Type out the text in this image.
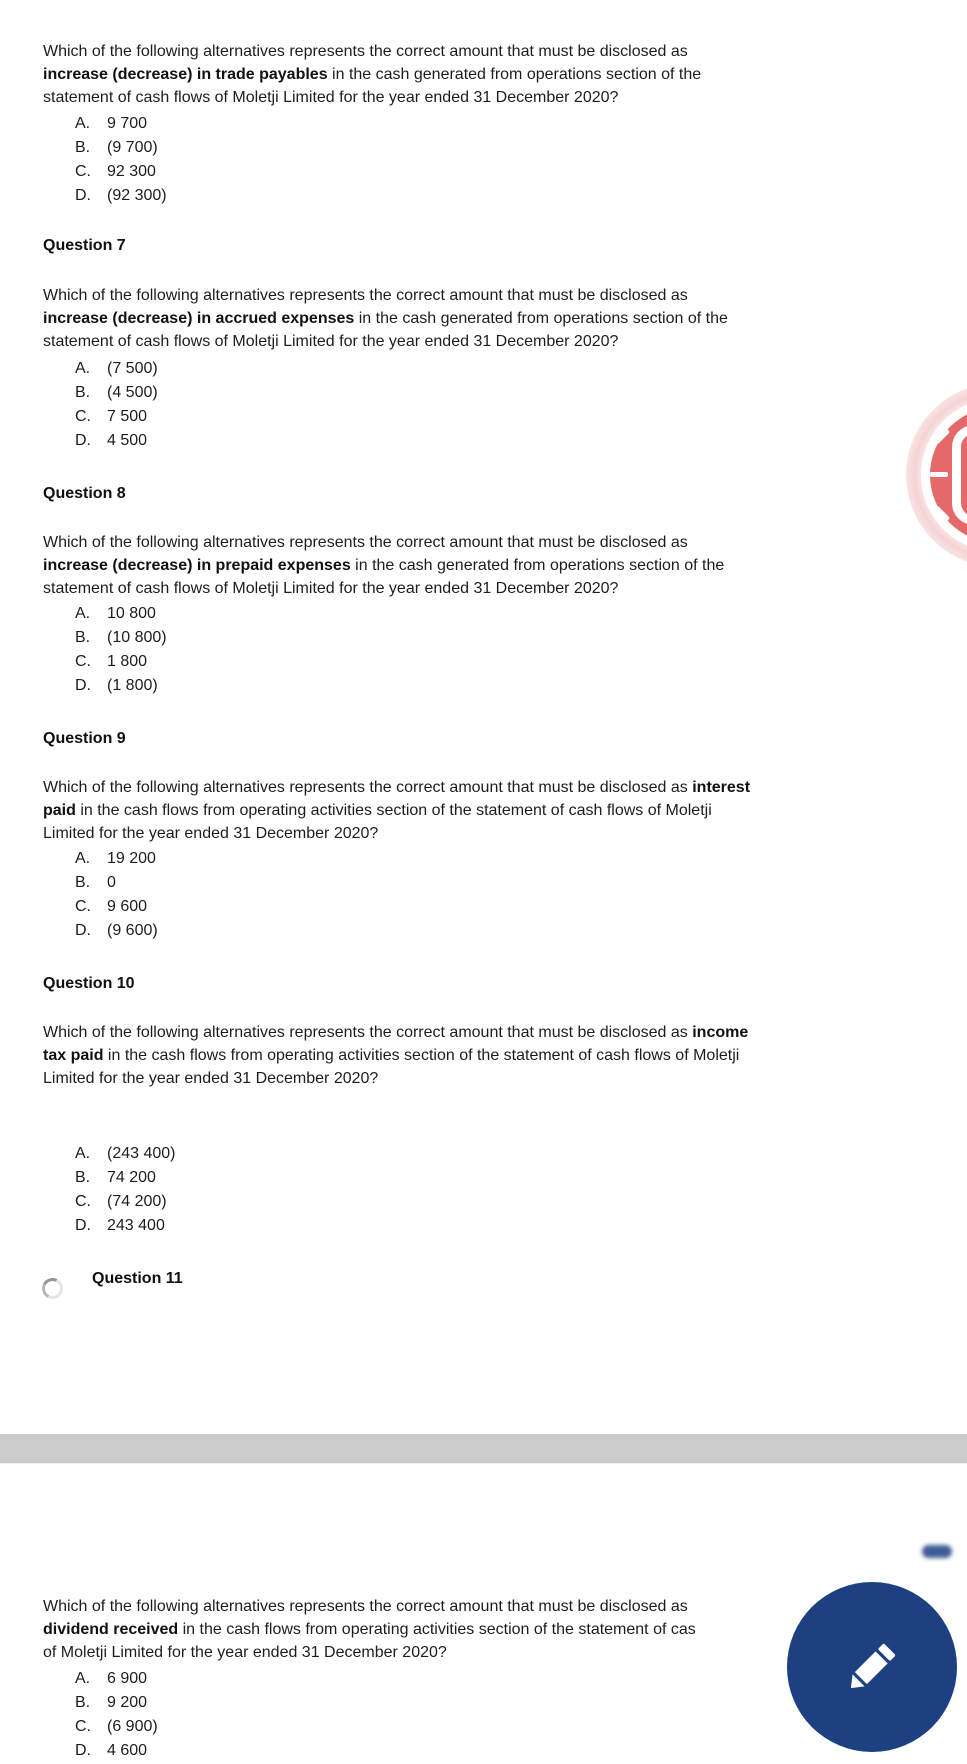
Which of the following alternatives represents the correct amount that must be disclosed as
increase (decrease) in trade payables in the cash generated from operations section of the
statement of cash flows of Moletji Limited for the year ended 31 December 2020?
A.	9 700
B.	(9 700)
C.	92 300
D.	(92 300)
Question 7
Which of the following alternatives represents the correct amount that must be disclosed as
increase (decrease) in accrued expenses in the cash generated from operations section of the
statement of cash flows of Moletji Limited for the year ended 31 December 2020?
A.	(7 500)
B.	(4 500)
C.	7 500
D.	4 500
Question 8
Which of the following alternatives represents the correct amount that must be disclosed as
increase (decrease) in prepaid expenses in the cash generated from operations section of the
statement of cash flows of Moletji Limited for the year ended 31 December 2020?
A.	10 800
B.	(10 800)
C.	1 800
D.	(1 800)
Question 9
Which of the following alternatives represents the correct amount that must be disclosed as interest
paid in the cash flows from operating activities section of the statement of cash flows of Moletji
Limited for the year ended 31 December 2020?
A.	19 200
B.	0
C.	9 600
D.	(9 600)
Question 10
Which of the following alternatives represents the correct amount that must be disclosed as income
tax paid in the cash flows from operating activities section of the statement of cash flows of Moletji
Limited for the year ended 31 December 2020?
A.	(243 400)
B.	74 200
C.	(74 200)
D.	243 400
Question 11
Which of the following alternatives represents the correct amount that must be disclosed as
dividend received in the cash flows from operating activities section of the statement of cas
of Moletji Limited for the year ended 31 December 2020?
A.	6 900
B.	9 200
C.	(6 900)
D.	4 600
